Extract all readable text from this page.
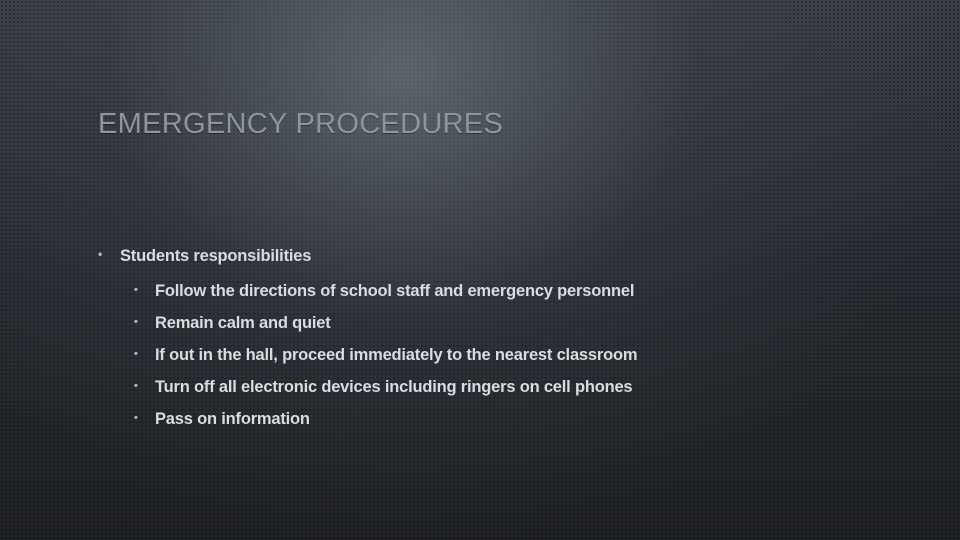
EMERGENCY PROCEDURES
• Students responsibilities
• Follow the directions of school staff and emergency personnel
• Remain calm and quiet
• If out in the hall, proceed immediately to the nearest classroom
• Turn off all electronic devices including ringers on cell phones
• Pass on information
